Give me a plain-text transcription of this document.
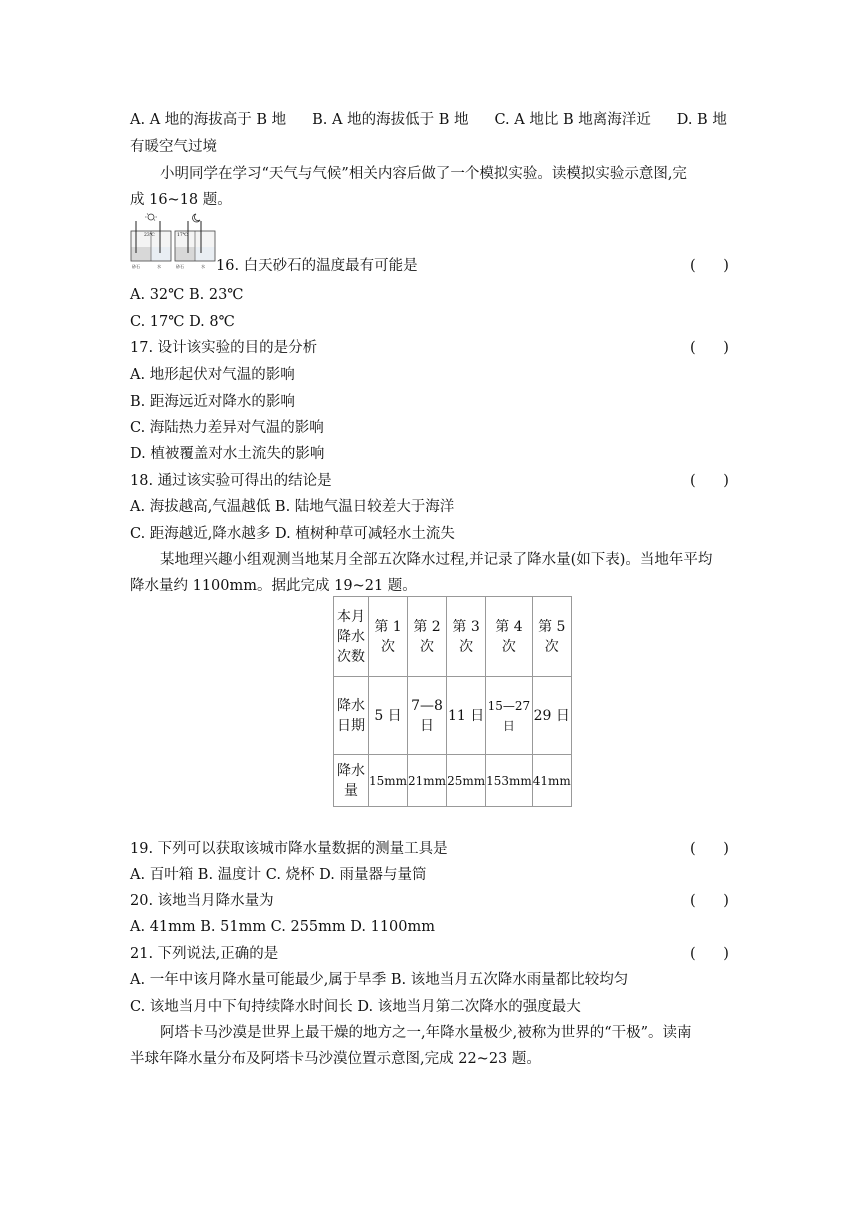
A. A 地的海拔高于 B 地 B. A 地的海拔低于 B 地 C. A 地比 B 地离海洋近 D. B 地
有暖空气过境
小明同学在学习“天气与气候”相关内容后做了一个模拟实验。读模拟实验示意图,完
成 16~18 题。
23℃
砂石	水
17℃
砂石	水 16. 白天砂石的温度最有可能是	(      )
A. 32℃ B. 23℃
C. 17℃ D. 8℃
17. 设计该实验的目的是分析	(      )
A. 地形起伏对气温的影响
B. 距海远近对降水的影响
C. 海陆热力差异对气温的影响
D. 植被覆盖对水土流失的影响
18. 通过该实验可得出的结论是	(      )
A. 海拔越高,气温越低 B. 陆地气温日较差大于海洋
C. 距海越近,降水越多 D. 植树种草可减轻水土流失
某地理兴趣小组观测当地某月全部五次降水过程,并记录了降水量(如下表)。当地年平均
降水量约 1100mm。据此完成 19~21 题。
本月降水次数	第 1 次	第 2 次	第 3 次	第 4 次	第 5 次
降水日期	5 日	7—8 日	11 日	15—27 日	29 日
降水量	15mm	21mm	25mm	153mm	41mm
19. 下列可以获取该城市降水量数据的测量工具是	(      )
A. 百叶箱 B. 温度计 C. 烧杯 D. 雨量器与量筒
20. 该地当月降水量为	(      )
A. 41mm B. 51mm C. 255mm D. 1100mm
21. 下列说法,正确的是	(      )
A. 一年中该月降水量可能最少,属于旱季 B. 该地当月五次降水雨量都比较均匀
C. 该地当月中下旬持续降水时间长 D. 该地当月第二次降水的强度最大
阿塔卡马沙漠是世界上最干燥的地方之一,年降水量极少,被称为世界的“干极”。读南
半球年降水量分布及阿塔卡马沙漠位置示意图,完成 22~23 题。
